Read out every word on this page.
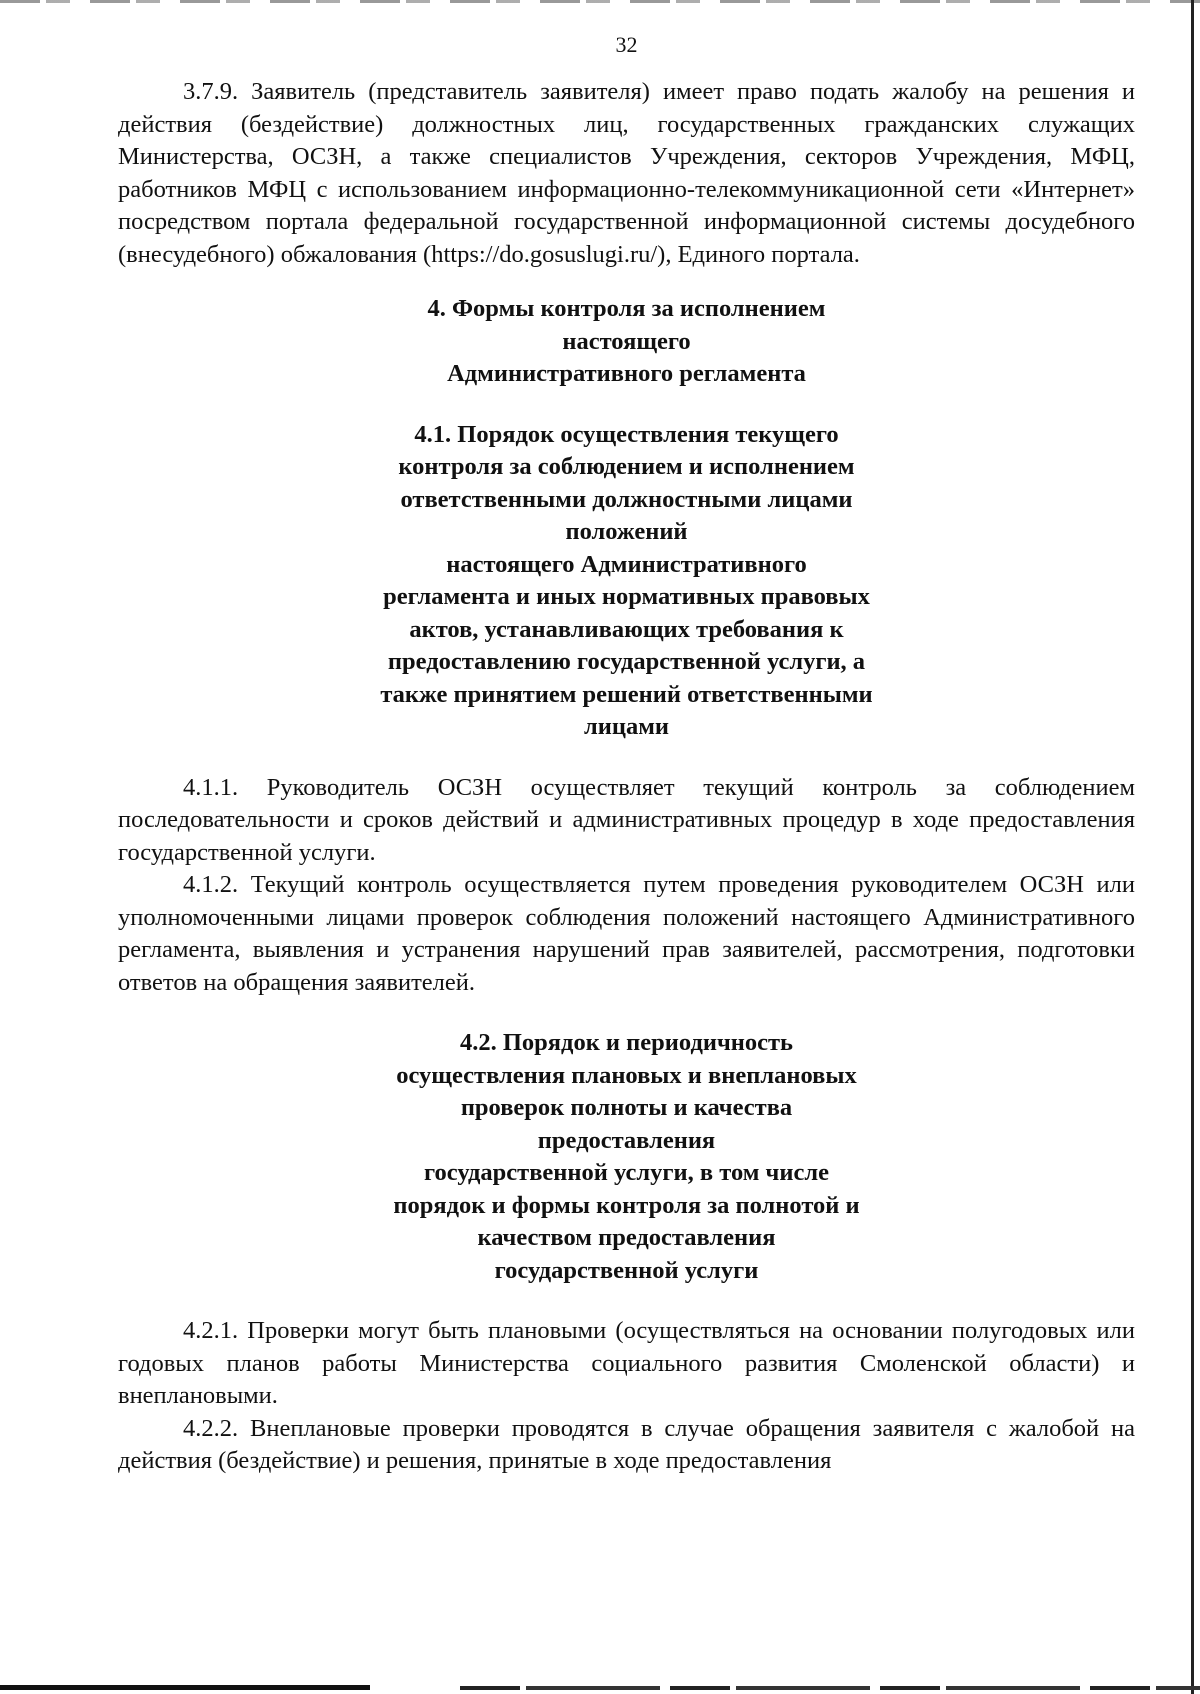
32

3.7.9. Заявитель (представитель заявителя) имеет право подать жалобу на решения и действия (бездействие) должностных лиц, государственных гражданских служащих Министерства, ОСЗН, а также специалистов Учреждения, секторов Учреждения, МФЦ, работников МФЦ с использованием информационно-телекоммуникационной сети «Интернет» посредством портала федеральной государственной информационной системы досудебного (внесудебного) обжалования (https://do.gosuslugi.ru/), Единого портала.

4. Формы контроля за исполнением
настоящего
Административного регламента
4.1. Порядок осуществления текущего
контроля за соблюдением и исполнением
ответственными должностными лицами
положений
настоящего Административного
регламента и иных нормативных правовых
актов, устанавливающих требования к
предоставлению государственной услуги, а
также принятием решений ответственными
лицами

4.1.1. Руководитель ОСЗН осуществляет текущий контроль за соблюдением последовательности и сроков действий и административных процедур в ходе предоставления государственной услуги.

4.1.2. Текущий контроль осуществляется путем проведения руководителем ОСЗН или уполномоченными лицами проверок соблюдения положений настоящего Административного регламента, выявления и устранения нарушений прав заявителей, рассмотрения, подготовки ответов на обращения заявителей.

4.2. Порядок и периодичность
осуществления плановых и внеплановых
проверок полноты и качества
предоставления
государственной услуги, в том числе
порядок и формы контроля за полнотой и
качеством предоставления
государственной услуги

4.2.1. Проверки могут быть плановыми (осуществляться на основании полугодовых или годовых планов работы Министерства социального развития Смоленской области) и внеплановыми.

4.2.2. Внеплановые проверки проводятся в случае обращения заявителя с жалобой на действия (бездействие) и решения, принятые в ходе предоставления
